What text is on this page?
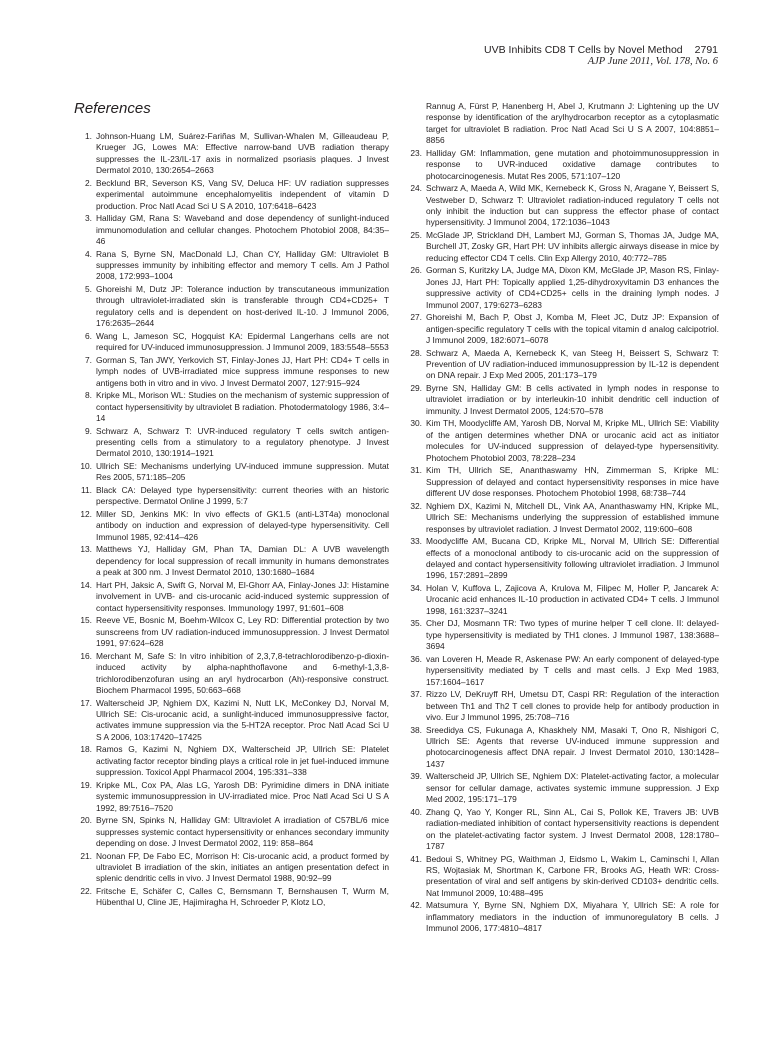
UVB Inhibits CD8 T Cells by Novel Method 2791
AJP June 2011, Vol. 178, No. 6
References
1. Johnson-Huang LM, Suárez-Fariñas M, Sullivan-Whalen M, Gilleaudeau P, Krueger JG, Lowes MA: Effective narrow-band UVB radiation therapy suppresses the IL-23/IL-17 axis in normalized psoriasis plaques. J Invest Dermatol 2010, 130:2654–2663
2. Becklund BR, Severson KS, Vang SV, Deluca HF: UV radiation suppresses experimental autoimmune encephalomyelitis independent of vitamin D production. Proc Natl Acad Sci U S A 2010, 107:6418–6423
3. Halliday GM, Rana S: Waveband and dose dependency of sunlight-induced immunomodulation and cellular changes. Photochem Photobiol 2008, 84:35–46
4. Rana S, Byrne SN, MacDonald LJ, Chan CY, Halliday GM: Ultraviolet B suppresses immunity by inhibiting effector and memory T cells. Am J Pathol 2008, 172:993–1004
5. Ghoreishi M, Dutz JP: Tolerance induction by transcutaneous immunization through ultraviolet-irradiated skin is transferable through CD4+CD25+ T regulatory cells and is dependent on host-derived IL-10. J Immunol 2006, 176:2635–2644
6. Wang L, Jameson SC, Hogquist KA: Epidermal Langerhans cells are not required for UV-induced immunosuppression. J Immunol 2009, 183:5548–5553
7. Gorman S, Tan JWY, Yerkovich ST, Finlay-Jones JJ, Hart PH: CD4+ T cells in lymph nodes of UVB-irradiated mice suppress immune responses to new antigens both in vitro and in vivo. J Invest Dermatol 2007, 127:915–924
8. Kripke ML, Morison WL: Studies on the mechanism of systemic suppression of contact hypersensitivity by ultraviolet B radiation. Photodermatology 1986, 3:4–14
9. Schwarz A, Schwarz T: UVR-induced regulatory T cells switch antigen-presenting cells from a stimulatory to a regulatory phenotype. J Invest Dermatol 2010, 130:1914–1921
10. Ullrich SE: Mechanisms underlying UV-induced immune suppression. Mutat Res 2005, 571:185–205
11. Black CA: Delayed type hypersensitivity: current theories with an historic perspective. Dermatol Online J 1999, 5:7
12. Miller SD, Jenkins MK: In vivo effects of GK1.5 (anti-L3T4a) monoclonal antibody on induction and expression of delayed-type hypersensitivity. Cell Immunol 1985, 92:414–426
13. Matthews YJ, Halliday GM, Phan TA, Damian DL: A UVB wavelength dependency for local suppression of recall immunity in humans demonstrates a peak at 300 nm. J Invest Dermatol 2010, 130:1680–1684
14. Hart PH, Jaksic A, Swift G, Norval M, El-Ghorr AA, Finlay-Jones JJ: Histamine involvement in UVB- and cis-urocanic acid-induced systemic suppression of contact hypersensitivity responses. Immunology 1997, 91:601–608
15. Reeve VE, Bosnic M, Boehm-Wilcox C, Ley RD: Differential protection by two sunscreens from UV radiation-induced immunosuppression. J Invest Dermatol 1991, 97:624–628
16. Merchant M, Safe S: In vitro inhibition of 2,3,7,8-tetrachlorodibenzo-p-dioxin-induced activity by alpha-naphthoflavone and 6-methyl-1,3,8-trichlorodibenzofuran using an aryl hydrocarbon (Ah)-responsive construct. Biochem Pharmacol 1995, 50:663–668
17. Walterscheid JP, Nghiem DX, Kazimi N, Nutt LK, McConkey DJ, Norval M, Ullrich SE: Cis-urocanic acid, a sunlight-induced immunosuppressive factor, activates immune suppression via the 5-HT2A receptor. Proc Natl Acad Sci U S A 2006, 103:17420–17425
18. Ramos G, Kazimi N, Nghiem DX, Walterscheid JP, Ullrich SE: Platelet activating factor receptor binding plays a critical role in jet fuel-induced immune suppression. Toxicol Appl Pharmacol 2004, 195:331–338
19. Kripke ML, Cox PA, Alas LG, Yarosh DB: Pyrimidine dimers in DNA initiate systemic immunosuppression in UV-irradiated mice. Proc Natl Acad Sci U S A 1992, 89:7516–7520
20. Byrne SN, Spinks N, Halliday GM: Ultraviolet A irradiation of C57BL/6 mice suppresses systemic contact hypersensitivity or enhances secondary immunity depending on dose. J Invest Dermatol 2002, 119: 858–864
21. Noonan FP, De Fabo EC, Morrison H: Cis-urocanic acid, a product formed by ultraviolet B irradiation of the skin, initiates an antigen presentation defect in splenic dendritic cells in vivo. J Invest Dermatol 1988, 90:92–99
22. Fritsche E, Schäfer C, Calles C, Bernsmann T, Bernshausen T, Wurm M, Hübenthal U, Cline JE, Hajimiragha H, Schroeder P, Klotz LO,
Rannug A, Fürst P, Hanenberg H, Abel J, Krutmann J: Lightening up the UV response by identification of the arylhydrocarbon receptor as a cytoplasmatic target for ultraviolet B radiation. Proc Natl Acad Sci U S A 2007, 104:8851–8856
23. Halliday GM: Inflammation, gene mutation and photoimmunosuppression in response to UVR-induced oxidative damage contributes to photocarcinogenesis. Mutat Res 2005, 571:107–120
24. Schwarz A, Maeda A, Wild MK, Kernebeck K, Gross N, Aragane Y, Beissert S, Vestweber D, Schwarz T: Ultraviolet radiation-induced regulatory T cells not only inhibit the induction but can suppress the effector phase of contact hypersensitivity. J Immunol 2004, 172:1036–1043
25. McGlade JP, Strickland DH, Lambert MJ, Gorman S, Thomas JA, Judge MA, Burchell JT, Zosky GR, Hart PH: UV inhibits allergic airways disease in mice by reducing effector CD4 T cells. Clin Exp Allergy 2010, 40:772–785
26. Gorman S, Kuritzky LA, Judge MA, Dixon KM, McGlade JP, Mason RS, Finlay-Jones JJ, Hart PH: Topically applied 1,25-dihydroxyvitamin D3 enhances the suppressive activity of CD4+CD25+ cells in the draining lymph nodes. J Immunol 2007, 179:6273–6283
27. Ghoreishi M, Bach P, Obst J, Komba M, Fleet JC, Dutz JP: Expansion of antigen-specific regulatory T cells with the topical vitamin d analog calcipotriol. J Immunol 2009, 182:6071–6078
28. Schwarz A, Maeda A, Kernebeck K, van Steeg H, Beissert S, Schwarz T: Prevention of UV radiation-induced immunosuppression by IL-12 is dependent on DNA repair. J Exp Med 2005, 201:173–179
29. Byrne SN, Halliday GM: B cells activated in lymph nodes in response to ultraviolet irradiation or by interleukin-10 inhibit dendritic cell induction of immunity. J Invest Dermatol 2005, 124:570–578
30. Kim TH, Moodycliffe AM, Yarosh DB, Norval M, Kripke ML, Ullrich SE: Viability of the antigen determines whether DNA or urocanic acid act as initiator molecules for UV-induced suppression of delayed-type hypersensitivity. Photochem Photobiol 2003, 78:228–234
31. Kim TH, Ullrich SE, Ananthaswamy HN, Zimmerman S, Kripke ML: Suppression of delayed and contact hypersensitivity responses in mice have different UV dose responses. Photochem Photobiol 1998, 68:738–744
32. Nghiem DX, Kazimi N, Mitchell DL, Vink AA, Ananthaswamy HN, Kripke ML, Ullrich SE: Mechanisms underlying the suppression of established immune responses by ultraviolet radiation. J Invest Dermatol 2002, 119:600–608
33. Moodycliffe AM, Bucana CD, Kripke ML, Norval M, Ullrich SE: Differential effects of a monoclonal antibody to cis-urocanic acid on the suppression of delayed and contact hypersensitivity following ultraviolet irradiation. J Immunol 1996, 157:2891–2899
34. Holan V, Kuffova L, Zajicova A, Krulova M, Filipec M, Holler P, Jancarek A: Urocanic acid enhances IL-10 production in activated CD4+ T cells. J Immunol 1998, 161:3237–3241
35. Cher DJ, Mosmann TR: Two types of murine helper T cell clone. II: delayed-type hypersensitivity is mediated by TH1 clones. J Immunol 1987, 138:3688–3694
36. van Loveren H, Meade R, Askenase PW: An early component of delayed-type hypersensitivity mediated by T cells and mast cells. J Exp Med 1983, 157:1604–1617
37. Rizzo LV, DeKruyff RH, Umetsu DT, Caspi RR: Regulation of the interaction between Th1 and Th2 T cell clones to provide help for antibody production in vivo. Eur J Immunol 1995, 25:708–716
38. Sreedidya CS, Fukunaga A, Khaskhely NM, Masaki T, Ono R, Nishigori C, Ullrich SE: Agents that reverse UV-induced immune suppression and photocarcinogenesis affect DNA repair. J Invest Dermatol 2010, 130:1428–1437
39. Walterscheid JP, Ullrich SE, Nghiem DX: Platelet-activating factor, a molecular sensor for cellular damage, activates systemic immune suppression. J Exp Med 2002, 195:171–179
40. Zhang Q, Yao Y, Konger RL, Sinn AL, Cai S, Pollok KE, Travers JB: UVB radiation-mediated inhibition of contact hypersensitivity reactions is dependent on the platelet-activating factor system. J Invest Dermatol 2008, 128:1780–1787
41. Bedoui S, Whitney PG, Waithman J, Eidsmo L, Wakim L, Caminschi I, Allan RS, Wojtasiak M, Shortman K, Carbone FR, Brooks AG, Heath WR: Cross-presentation of viral and self antigens by skin-derived CD103+ dendritic cells. Nat Immunol 2009, 10:488–495
42. Matsumura Y, Byrne SN, Nghiem DX, Miyahara Y, Ullrich SE: A role for inflammatory mediators in the induction of immunoregulatory B cells. J Immunol 2006, 177:4810–4817
